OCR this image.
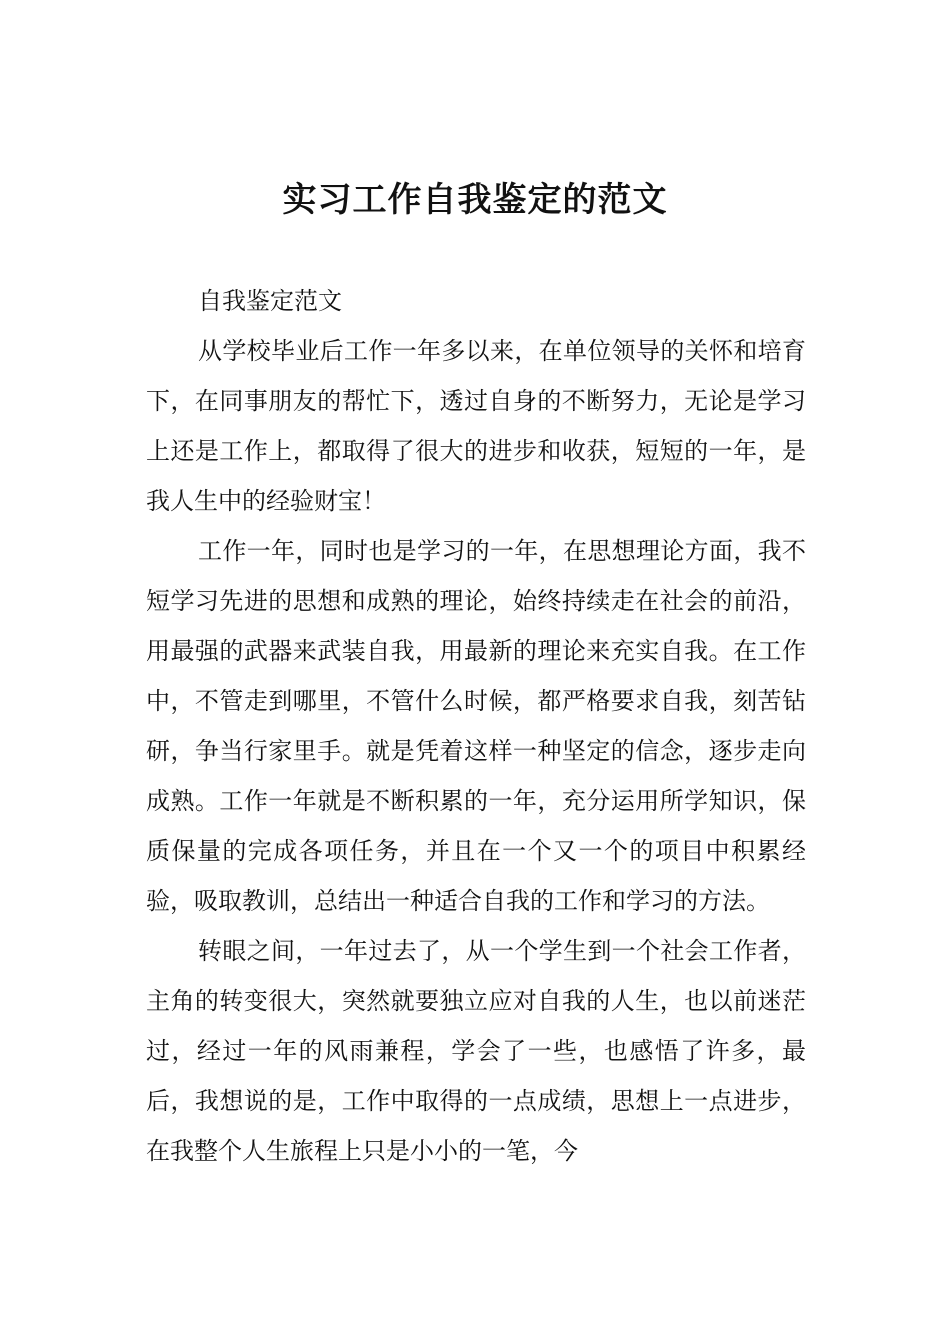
实习工作自我鉴定的范文

自我鉴定范文

从学校毕业后工作一年多以来，在单位领导的关怀和培育下，在同事朋友的帮忙下，透过自身的不断努力，无论是学习上还是工作上，都取得了很大的进步和收获，短短的一年，是我人生中的经验财宝！

工作一年，同时也是学习的一年，在思想理论方面，我不短学习先进的思想和成熟的理论，始终持续走在社会的前沿，用最强的武器来武装自我，用最新的理论来充实自我。在工作中，不管走到哪里，不管什么时候，都严格要求自我，刻苦钻研，争当行家里手。就是凭着这样一种坚定的信念，逐步走向成熟。工作一年就是不断积累的一年，充分运用所学知识，保质保量的完成各项任务，并且在一个又一个的项目中积累经验，吸取教训，总结出一种适合自我的工作和学习的方法。

转眼之间，一年过去了，从一个学生到一个社会工作者，主角的转变很大，突然就要独立应对自我的人生，也以前迷茫过，经过一年的风雨兼程，学会了一些，也感悟了许多，最后，我想说的是，工作中取得的一点成绩，思想上一点进步，在我整个人生旅程上只是小小的一笔，今
